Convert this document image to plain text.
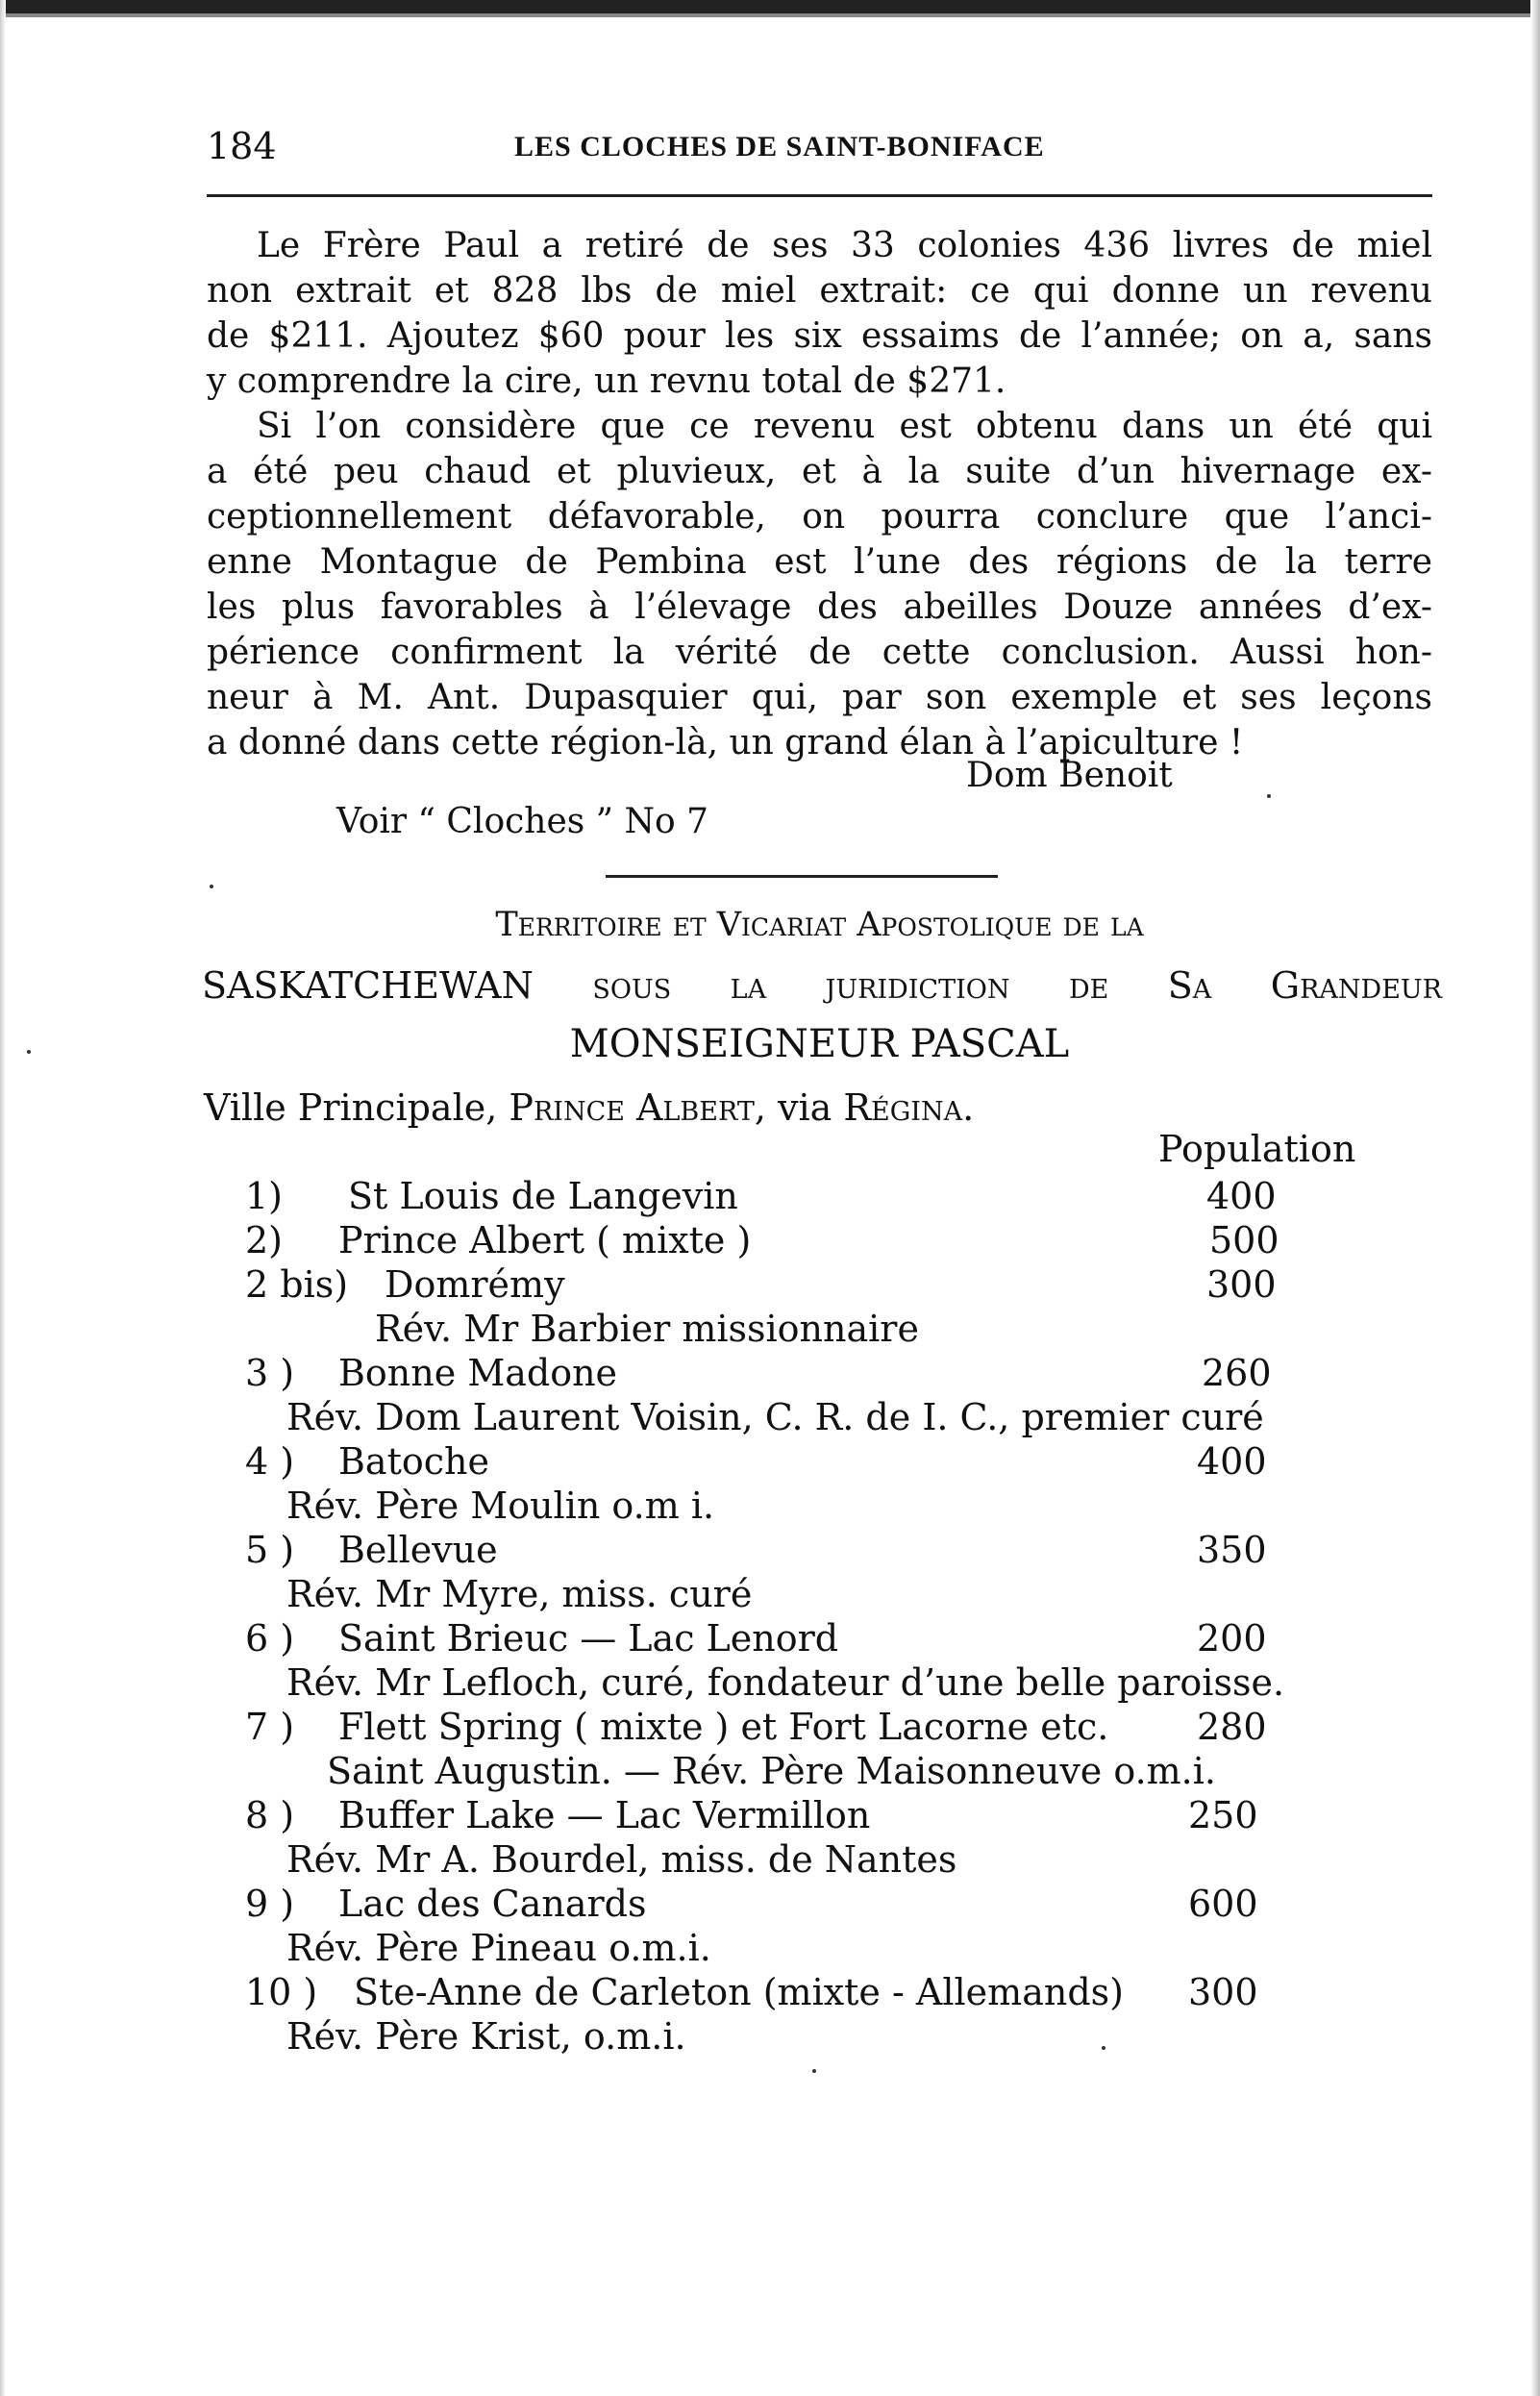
184	LES CLOCHES DE SAINT-BONIFACE
Le Frère Paul a retiré de ses 33 colonies 436 livres de miel
non extrait et 828 lbs de miel extrait: ce qui donne un revenu
de $211. Ajoutez $60 pour les six essaims de l’année; on a, sans
y comprendre la cire, un revnu total de $271.
Si l’on considère que ce revenu est obtenu dans un été qui
a été peu chaud et pluvieux, et à la suite d’un hivernage ex-
ceptionnellement défavorable, on pourra conclure que l’anci-
enne Montague de Pembina est l’une des régions de la terre
les plus favorables à l’élevage des abeilles Douze années d’ex-
périence confirment la vérité de cette conclusion. Aussi hon-
neur à M. Ant. Dupasquier qui, par son exemple et ses leçons
a donné dans cette région-là, un grand élan à l’apiculture !
Dom Benoit
Voir “ Cloches ” No 7
Territoire et Vicariat Apostolique de la
SASKATCHEWAN sous la juridiction de Sa Grandeur
MONSEIGNEUR PASCAL
Ville Principale, Prince Albert, via Régina.
Population
1) St Louis de Langevin	400
2) Prince Albert ( mixte )	500
2 bis) Domrémy	300
Rév. Mr Barbier missionnaire
3 ) Bonne Madone	260
Rév. Dom Laurent Voisin, C. R. de I. C., premier curé
4 ) Batoche	400
Rév. Père Moulin o.m i.
5 ) Bellevue	350
Rév. Mr Myre, miss. curé
6 ) Saint Brieuc — Lac Lenord	200
Rév. Mr Lefloch, curé, fondateur d’une belle paroisse.
7 ) Flett Spring ( mixte ) et Fort Lacorne etc. 280
Saint Augustin. — Rév. Père Maisonneuve o.m.i.
8 ) Buffer Lake — Lac Vermillon	250
Rév. Mr A. Bourdel, miss. de Nantes
9 ) Lac des Canards	600
Rév. Père Pineau o.m.i.
10 ) Ste-Anne de Carleton (mixte - Allemands) 300
Rév. Père Krist, o.m.i.
